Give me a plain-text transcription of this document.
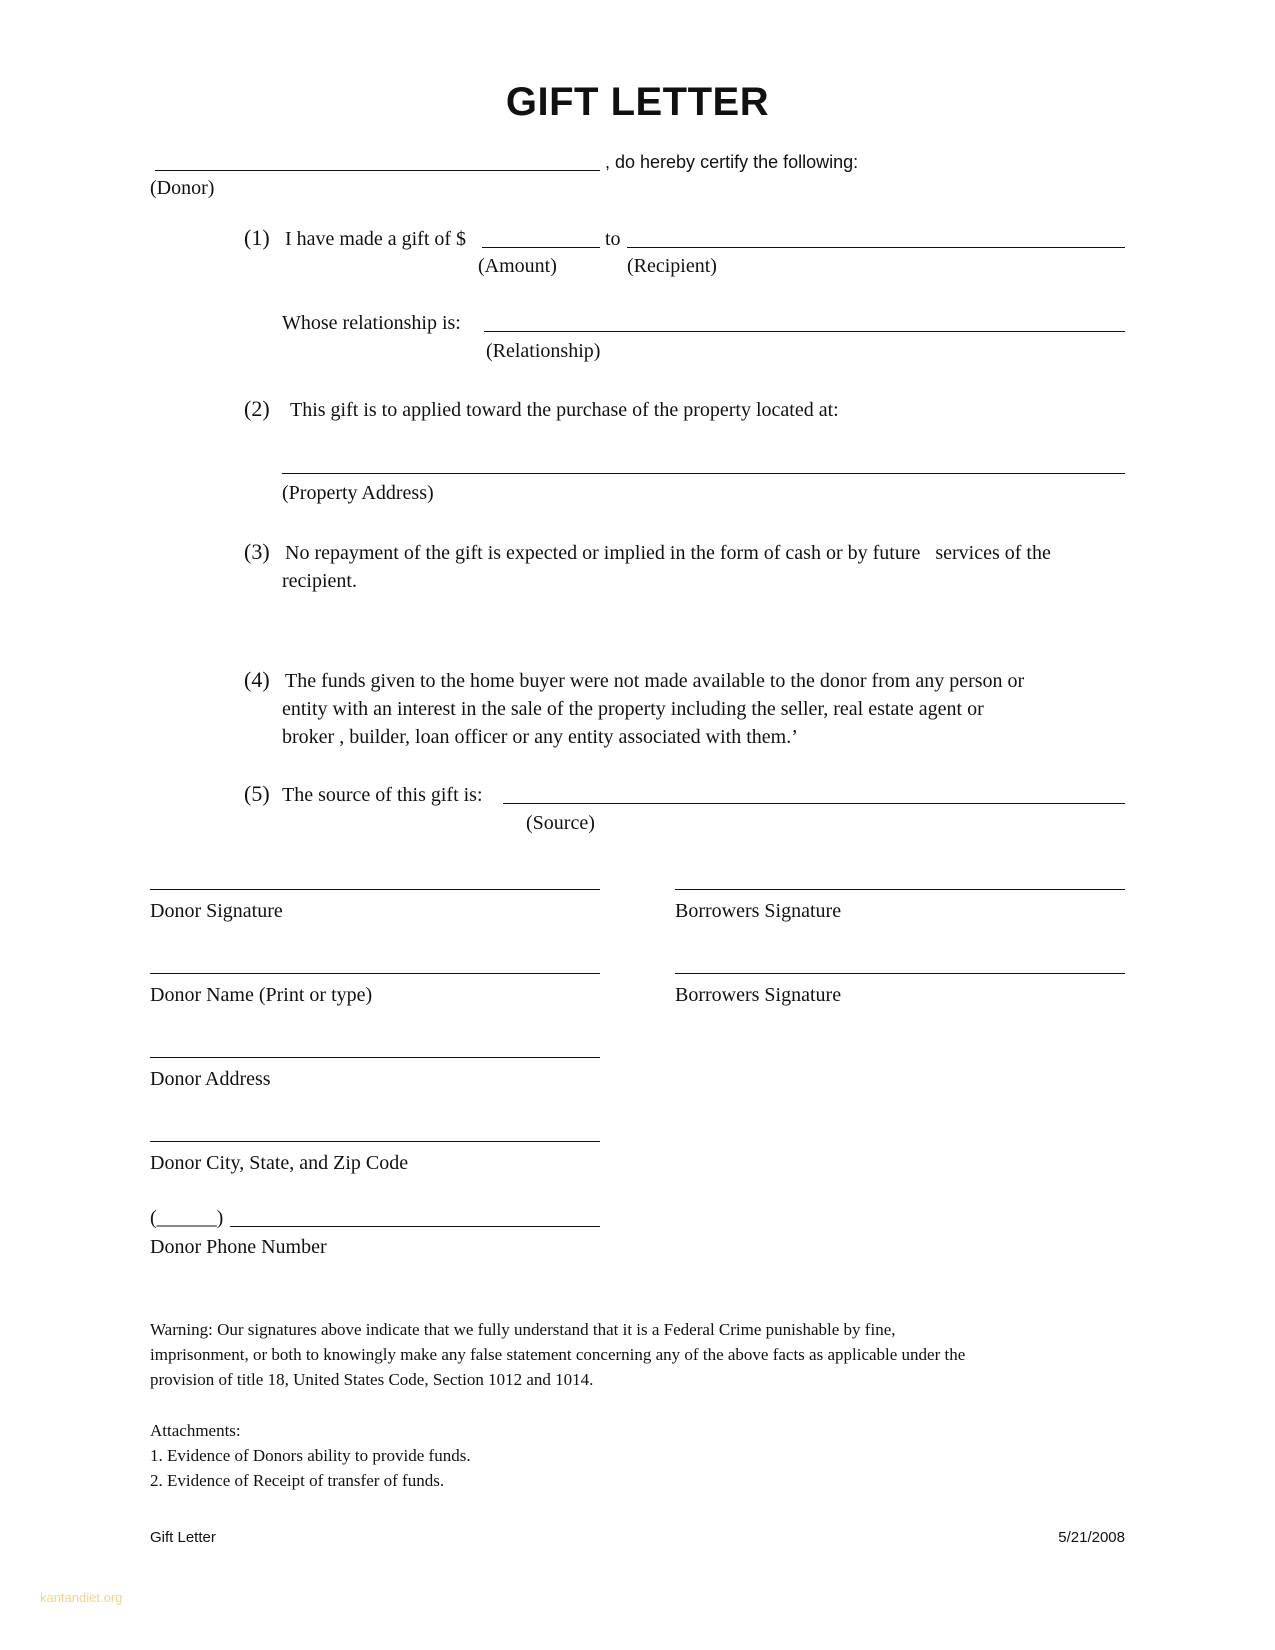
GIFT LETTER
, do hereby certify the following:
(Donor)
(1) I have made a gift of $	to
(Amount)	(Recipient)
Whose relationship is:
(Relationship)
(2) This gift is to applied toward the purchase of the property located at:
(Property Address)
(3) No repayment of the gift is expected or implied in the form of cash or by future   services of the
recipient.
(4) The funds given to the home buyer were not made available to the donor from any person or
entity with an interest in the sale of the property including the seller, real estate agent or
broker , builder, loan officer or any entity associated with them.’
(5) The source of this gift is:
(Source)
Donor Signature	Borrowers Signature
Donor Name (Print or type)	Borrowers Signature
Donor Address
Donor City, State, and Zip Code
(______)
Donor Phone Number
Warning: Our signatures above indicate that we fully understand that it is a Federal Crime punishable by fine,
imprisonment, or both to knowingly make any false statement concerning any of the above facts as applicable under the
provision of title 18, United States Code, Section 1012 and 1014.
Attachments:
1. Evidence of Donors ability to provide funds.
2. Evidence of Receipt of transfer of funds.
Gift Letter	5/21/2008
kantandiet.org
